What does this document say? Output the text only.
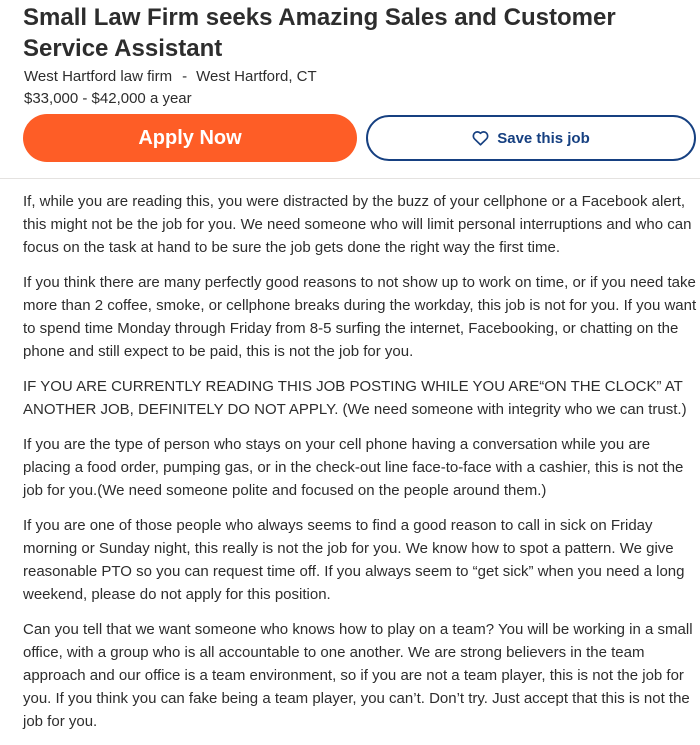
Small Law Firm seeks Amazing Sales and Customer Service Assistant
West Hartford law firm - West Hartford, CT
$33,000 - $42,000 a year
Apply Now	Save this job

If, while you are reading this, you were distracted by the buzz of your cellphone or a Facebook alert, this might not be the job for you. We need someone who will limit personal interruptions and who can focus on the task at hand to be sure the job gets done the right way the first time.

If you think there are many perfectly good reasons to not show up to work on time, or if you need take more than 2 coffee, smoke, or cellphone breaks during the workday, this job is not for you. If you want to spend time Monday through Friday from 8-5 surfing the internet, Facebooking, or chatting on the phone and still expect to be paid, this is not the job for you.

IF YOU ARE CURRENTLY READING THIS JOB POSTING WHILE YOU ARE“ON THE CLOCK” AT ANOTHER JOB, DEFINITELY DO NOT APPLY. (We need someone with integrity who we can trust.)

If you are the type of person who stays on your cell phone having a conversation while you are placing a food order, pumping gas, or in the check-out line face-to-face with a cashier, this is not the job for you.(We need someone polite and focused on the people around them.)

If you are one of those people who always seems to find a good reason to call in sick on Friday morning or Sunday night, this really is not the job for you. We know how to spot a pattern. We give reasonable PTO so you can request time off. If you always seem to “get sick” when you need a long weekend, please do not apply for this position.

Can you tell that we want someone who knows how to play on a team? You will be working in a small office, with a group who is all accountable to one another. We are strong believers in the team approach and our office is a team environment, so if you are not a team player, this is not the job for you. If you think you can fake being a team player, you can’t. Don’t try. Just accept that this is not the job for you.
